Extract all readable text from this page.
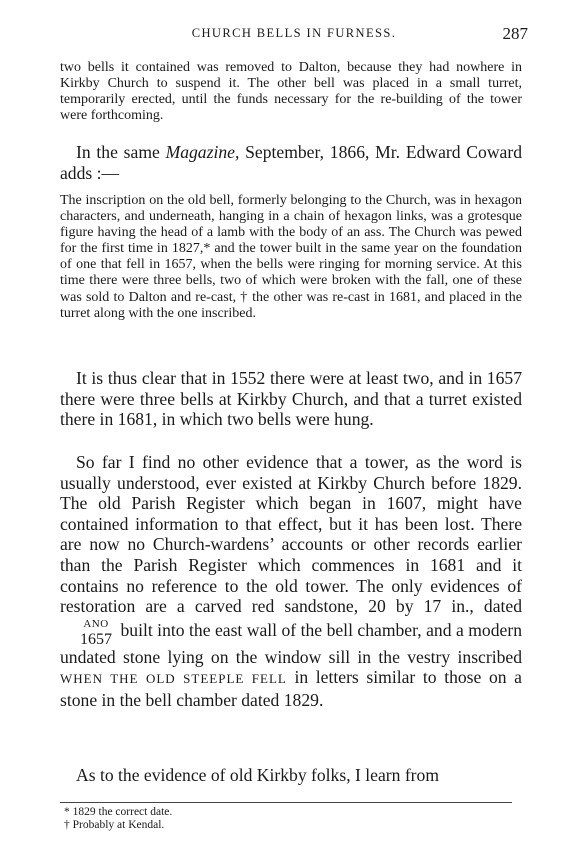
CHURCH BELLS IN FURNESS.	287
two bells it contained was removed to Dalton, because they had nowhere in Kirkby Church to suspend it. The other bell was placed in a small turret, temporarily erected, until the funds necessary for the re-building of the tower were forthcoming.
In the same Magazine, September, 1866, Mr. Edward Coward adds :—
The inscription on the old bell, formerly belonging to the Church, was in hexagon characters, and underneath, hanging in a chain of hexagon links, was a grotesque figure having the head of a lamb with the body of an ass. The Church was pewed for the first time in 1827,* and the tower built in the same year on the foundation of one that fell in 1657, when the bells were ringing for morning service. At this time there were three bells, two of which were broken with the fall, one of these was sold to Dalton and re-cast, † the other was re-cast in 1681, and placed in the turret along with the one inscribed.
It is thus clear that in 1552 there were at least two, and in 1657 there were three bells at Kirkby Church, and that a turret existed there in 1681, in which two bells were hung.
So far I find no other evidence that a tower, as the word is usually understood, ever existed at Kirkby Church before 1829. The old Parish Register which began in 1607, might have contained information to that effect, but it has been lost. There are now no Church-wardens’ accounts or other records earlier than the Parish Register which commences in 1681 and it contains no reference to the old tower. The only evidences of restoration are a carved red sandstone, 20 by 17 in., dated
ANO
1657 built into the east wall of the bell chamber, and a modern undated stone lying on the window sill in the vestry inscribed WHEN THE OLD STEEPLE FELL in letters similar to those on a stone in the bell chamber dated 1829.
As to the evidence of old Kirkby folks, I learn from
* 1829 the correct date.
† Probably at Kendal.
